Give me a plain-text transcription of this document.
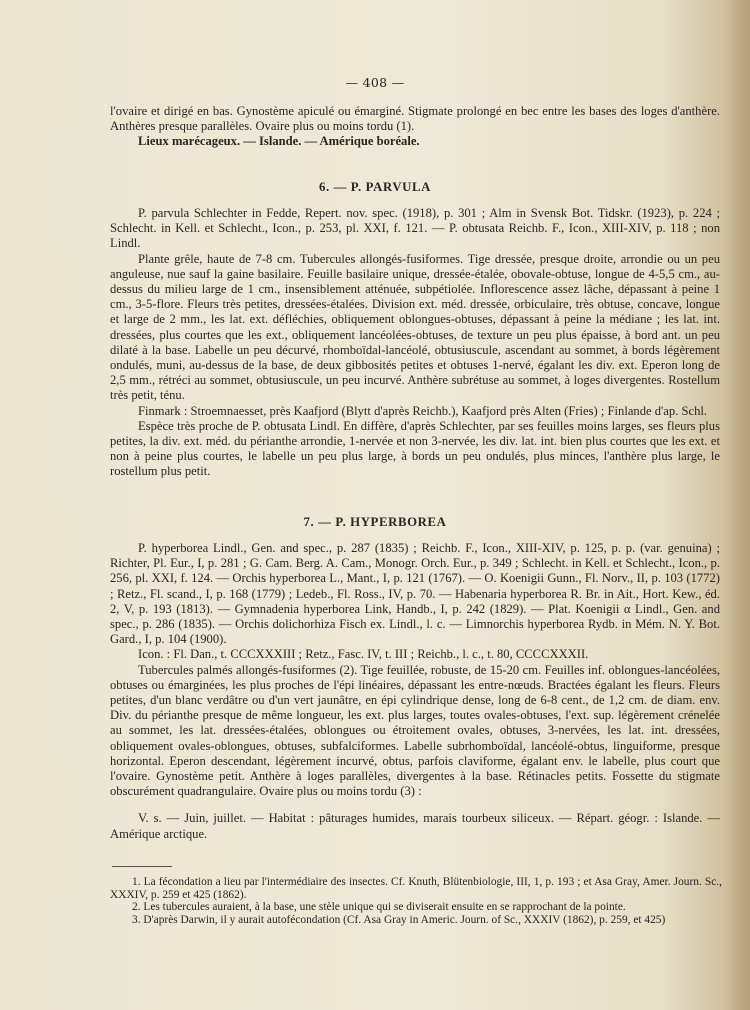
— 408 —

l'ovaire et dirigé en bas. Gynostème apiculé ou émarginé. Stigmate prolongé en bec entre les bases des loges d'anthère. Anthères presque parallèles. Ovaire plus ou moins tordu (1).

Lieux marécageux. — Islande. — Amérique boréale.

6. — P. PARVULA

P. parvula Schlechter in Fedde, Repert. nov. spec. (1918), p. 301 ; Alm in Svensk Bot. Tidskr. (1923), p. 224 ; Schlecht. in Kell. et Schlecht., Icon., p. 253, pl. XXI, f. 121. — P. obtusata Reichb. F., Icon., XIII-XIV, p. 118 ; non Lindl.

Plante grêle, haute de 7-8 cm. Tubercules allongés-fusiformes. Tige dressée, presque droite, arrondie ou un peu anguleuse, nue sauf la gaine basilaire. Feuille basilaire unique, dressée-étalée, obovale-obtuse, longue de 4-5,5 cm., au-dessus du milieu large de 1 cm., insensiblement atténuée, subpétiolée. Inflorescence assez lâche, dépassant à peine 1 cm., 3-5-flore. Fleurs très petites, dressées-étalées. Division ext. méd. dressée, orbiculaire, très obtuse, concave, longue et large de 2 mm., les lat. ext. défléchies, obliquement oblongues-obtuses, dépassant à peine la médiane ; les lat. int. dressées, plus courtes que les ext., obliquement lancéolées-obtuses, de texture un peu plus épaisse, à bord ant. un peu dilaté à la base. Labelle un peu décurvé, rhomboïdal-lancéolé, obtusiuscule, ascendant au sommet, à bords légèrement ondulés, muni, au-dessus de la base, de deux gibbosités petites et obtuses 1-nervé, égalant les div. ext. Eperon long de 2,5 mm., rétréci au sommet, obtusiuscule, un peu incurvé. Anthère subrétuse au sommet, à loges divergentes. Rostellum très petit, ténu.

Finmark : Stroemnaesset, près Kaafjord (Blytt d'après Reichb.), Kaafjord près Alten (Fries) ; Finlande d'ap. Schl.

Espèce très proche de P. obtusata Lindl. En diffère, d'après Schlechter, par ses feuilles moins larges, ses fleurs plus petites, la div. ext. méd. du périanthe arrondie, 1-nervée et non 3-nervée, les div. lat. int. bien plus courtes que les ext. et non à peine plus courtes, le labelle un peu plus large, à bords un peu ondulés, plus minces, l'anthère plus large, le rostellum plus petit.

7. — P. HYPERBOREA

P. hyperborea Lindl., Gen. and spec., p. 287 (1835) ; Reichb. F., Icon., XIII-XIV, p. 125, p. p. (var. genuina) ; Richter, Pl. Eur., I, p. 281 ; G. Cam. Berg. A. Cam., Monogr. Orch. Eur., p. 349 ; Schlecht. in Kell. et Schlecht., Icon., p. 256, pl. XXI, f. 124. — Orchis hyperborea L., Mant., I, p. 121 (1767). — O. Koenigii Gunn., Fl. Norv., II, p. 103 (1772) ; Retz., Fl. scand., I, p. 168 (1779) ; Ledeb., Fl. Ross., IV, p. 70. — Habenaria hyperborea R. Br. in Ait., Hort. Kew., éd. 2, V, p. 193 (1813). — Gymnadenia hyperborea Link, Handb., I, p. 242 (1829). — Plat. Koenigii α Lindl., Gen. and spec., p. 286 (1835). — Orchis dolichorhiza Fisch ex. Lindl., l. c. — Limnorchis hyperborea Rydb. in Mém. N. Y. Bot. Gard., I, p. 104 (1900).

Icon. : Fl. Dan., t. CCCXXXIII ; Retz., Fasc. IV, t. III ; Reichb., l. c., t. 80, CCCCXXXII.

Tubercules palmés allongés-fusiformes (2). Tige feuillée, robuste, de 15-20 cm. Feuilles inf. oblongues-lancéolées, obtuses ou émarginées, les plus proches de l'épi linéaires, dépassant les entre-nœuds. Bractées égalant les fleurs. Fleurs petites, d'un blanc verdâtre ou d'un vert jaunâtre, en épi cylindrique dense, long de 6-8 cent., de 1,2 cm. de diam. env. Div. du périanthe presque de même longueur, les ext. plus larges, toutes ovales-obtuses, l'ext. sup. légèrement crénelée au sommet, les lat. dressées-étalées, oblongues ou étroitement ovales, obtuses, 3-nervées, les lat. int. dressées, obliquement ovales-oblongues, obtuses, subfalciformes. Labelle subrhomboïdal, lancéolé-obtus, linguiforme, presque horizontal. Eperon descendant, légèrement incurvé, obtus, parfois claviforme, égalant env. le labelle, plus court que l'ovaire. Gynostème petit. Anthère à loges parallèles, divergentes à la base. Rétinacles petits. Fossette du stigmate obscurément quadrangulaire. Ovaire plus ou moins tordu (3) :

V. s. — Juin, juillet. — Habitat : pâturages humides, marais tourbeux siliceux. — Répart. géogr. : Islande. — Amérique arctique.

1. La fécondation a lieu par l'intermédiaire des insectes. Cf. Knuth, Blütenbiologie, III, 1, p. 193 ; et Asa Gray, Amer. Journ. Sc., XXXIV, p. 259 et 425 (1862).

2. Les tubercules auraient, à la base, une stèle unique qui se diviserait ensuite en se rapprochant de la pointe.

3. D'après Darwin, il y aurait autofécondation (Cf. Asa Gray in Americ. Journ. of Sc., XXXIV (1862), p. 259, et 425)
